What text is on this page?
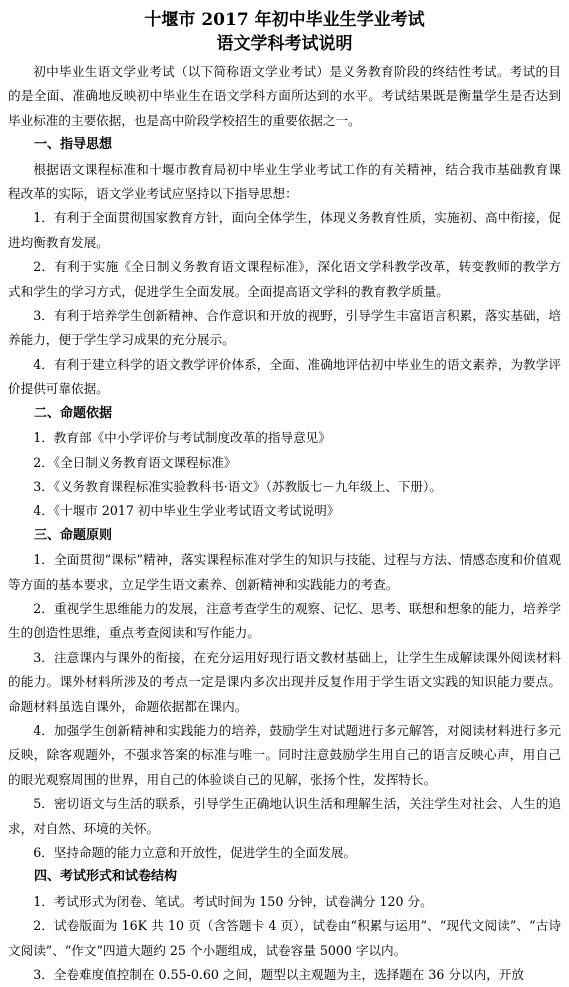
十堰市 2017 年初中毕业生学业考试
语文学科考试说明

初中毕业生语文学业考试（以下简称语文学业考试）是义务教育阶段的终结性考试。考试的目的是全面、准确地反映初中毕业生在语文学科方面所达到的水平。考试结果既是衡量学生是否达到毕业标准的主要依据，也是高中阶段学校招生的重要依据之一。

一、指导思想

根据语文课程标准和十堰市教育局初中毕业生学业考试工作的有关精神，结合我市基础教育课程改革的实际，语文学业考试应坚持以下指导思想：

1．有利于全面贯彻国家教育方针，面向全体学生，体现义务教育性质，实施初、高中衔接，促进均衡教育发展。

2．有利于实施《全日制义务教育语文课程标准》，深化语文学科教学改革，转变教师的教学方式和学生的学习方式，促进学生全面发展。全面提高语文学科的教育教学质量。

3．有利于培养学生创新精神、合作意识和开放的视野，引导学生丰富语言积累，落实基础，培养能力，便于学生学习成果的充分展示。

4．有利于建立科学的语文教学评价体系，全面、准确地评估初中毕业生的语文素养，为教学评价提供可靠依据。

二、命题依据

1．教育部《中小学评价与考试制度改革的指导意见》

2．《全日制义务教育语文课程标准》

3．《义务教育课程标准实验教科书·语文》（苏教版七－九年级上、下册）。

4．《十堰市 2017 初中毕业生学业考试语文考试说明》

三、命题原则

1．全面贯彻“课标”精神，落实课程标准对学生的知识与技能、过程与方法、情感态度和价值观等方面的基本要求，立足学生语文素养、创新精神和实践能力的考查。

2．重视学生思维能力的发展，注意考查学生的观察、记忆、思考、联想和想象的能力，培养学生的创造性思维，重点考查阅读和写作能力。

3．注意课内与课外的衔接，在充分运用好现行语文教材基础上，让学生生成解读课外阅读材料的能力。课外材料所涉及的考点一定是课内多次出现并反复作用于学生语文实践的知识能力要点。命题材料虽选自课外，命题依据都在课内。

4．加强学生创新精神和实践能力的培养，鼓励学生对试题进行多元解答，对阅读材料进行多元反映，除客观题外，不强求答案的标准与唯一。同时注意鼓励学生用自己的语言反映心声，用自己的眼光观察周围的世界，用自己的体验谈自己的见解，张扬个性，发挥特长。

5．密切语文与生活的联系，引导学生正确地认识生活和理解生活，关注学生对社会、人生的追求，对自然、环境的关怀。

6．坚持命题的能力立意和开放性，促进学生的全面发展。

四、考试形式和试卷结构

1．考试形式为闭卷、笔试。考试时间为 150 分钟，试卷满分 120 分。

2．试卷版面为 16K 共 10 页（含答题卡 4 页），试卷由“积累与运用”、“现代文阅读”、“古诗文阅读”、“作文”四道大题约 25 个小题组成，试卷容量 5000 字以内。

3．全卷难度值控制在 0.55-0.60 之间，题型以主观题为主，选择题在 36 分以内，开放
